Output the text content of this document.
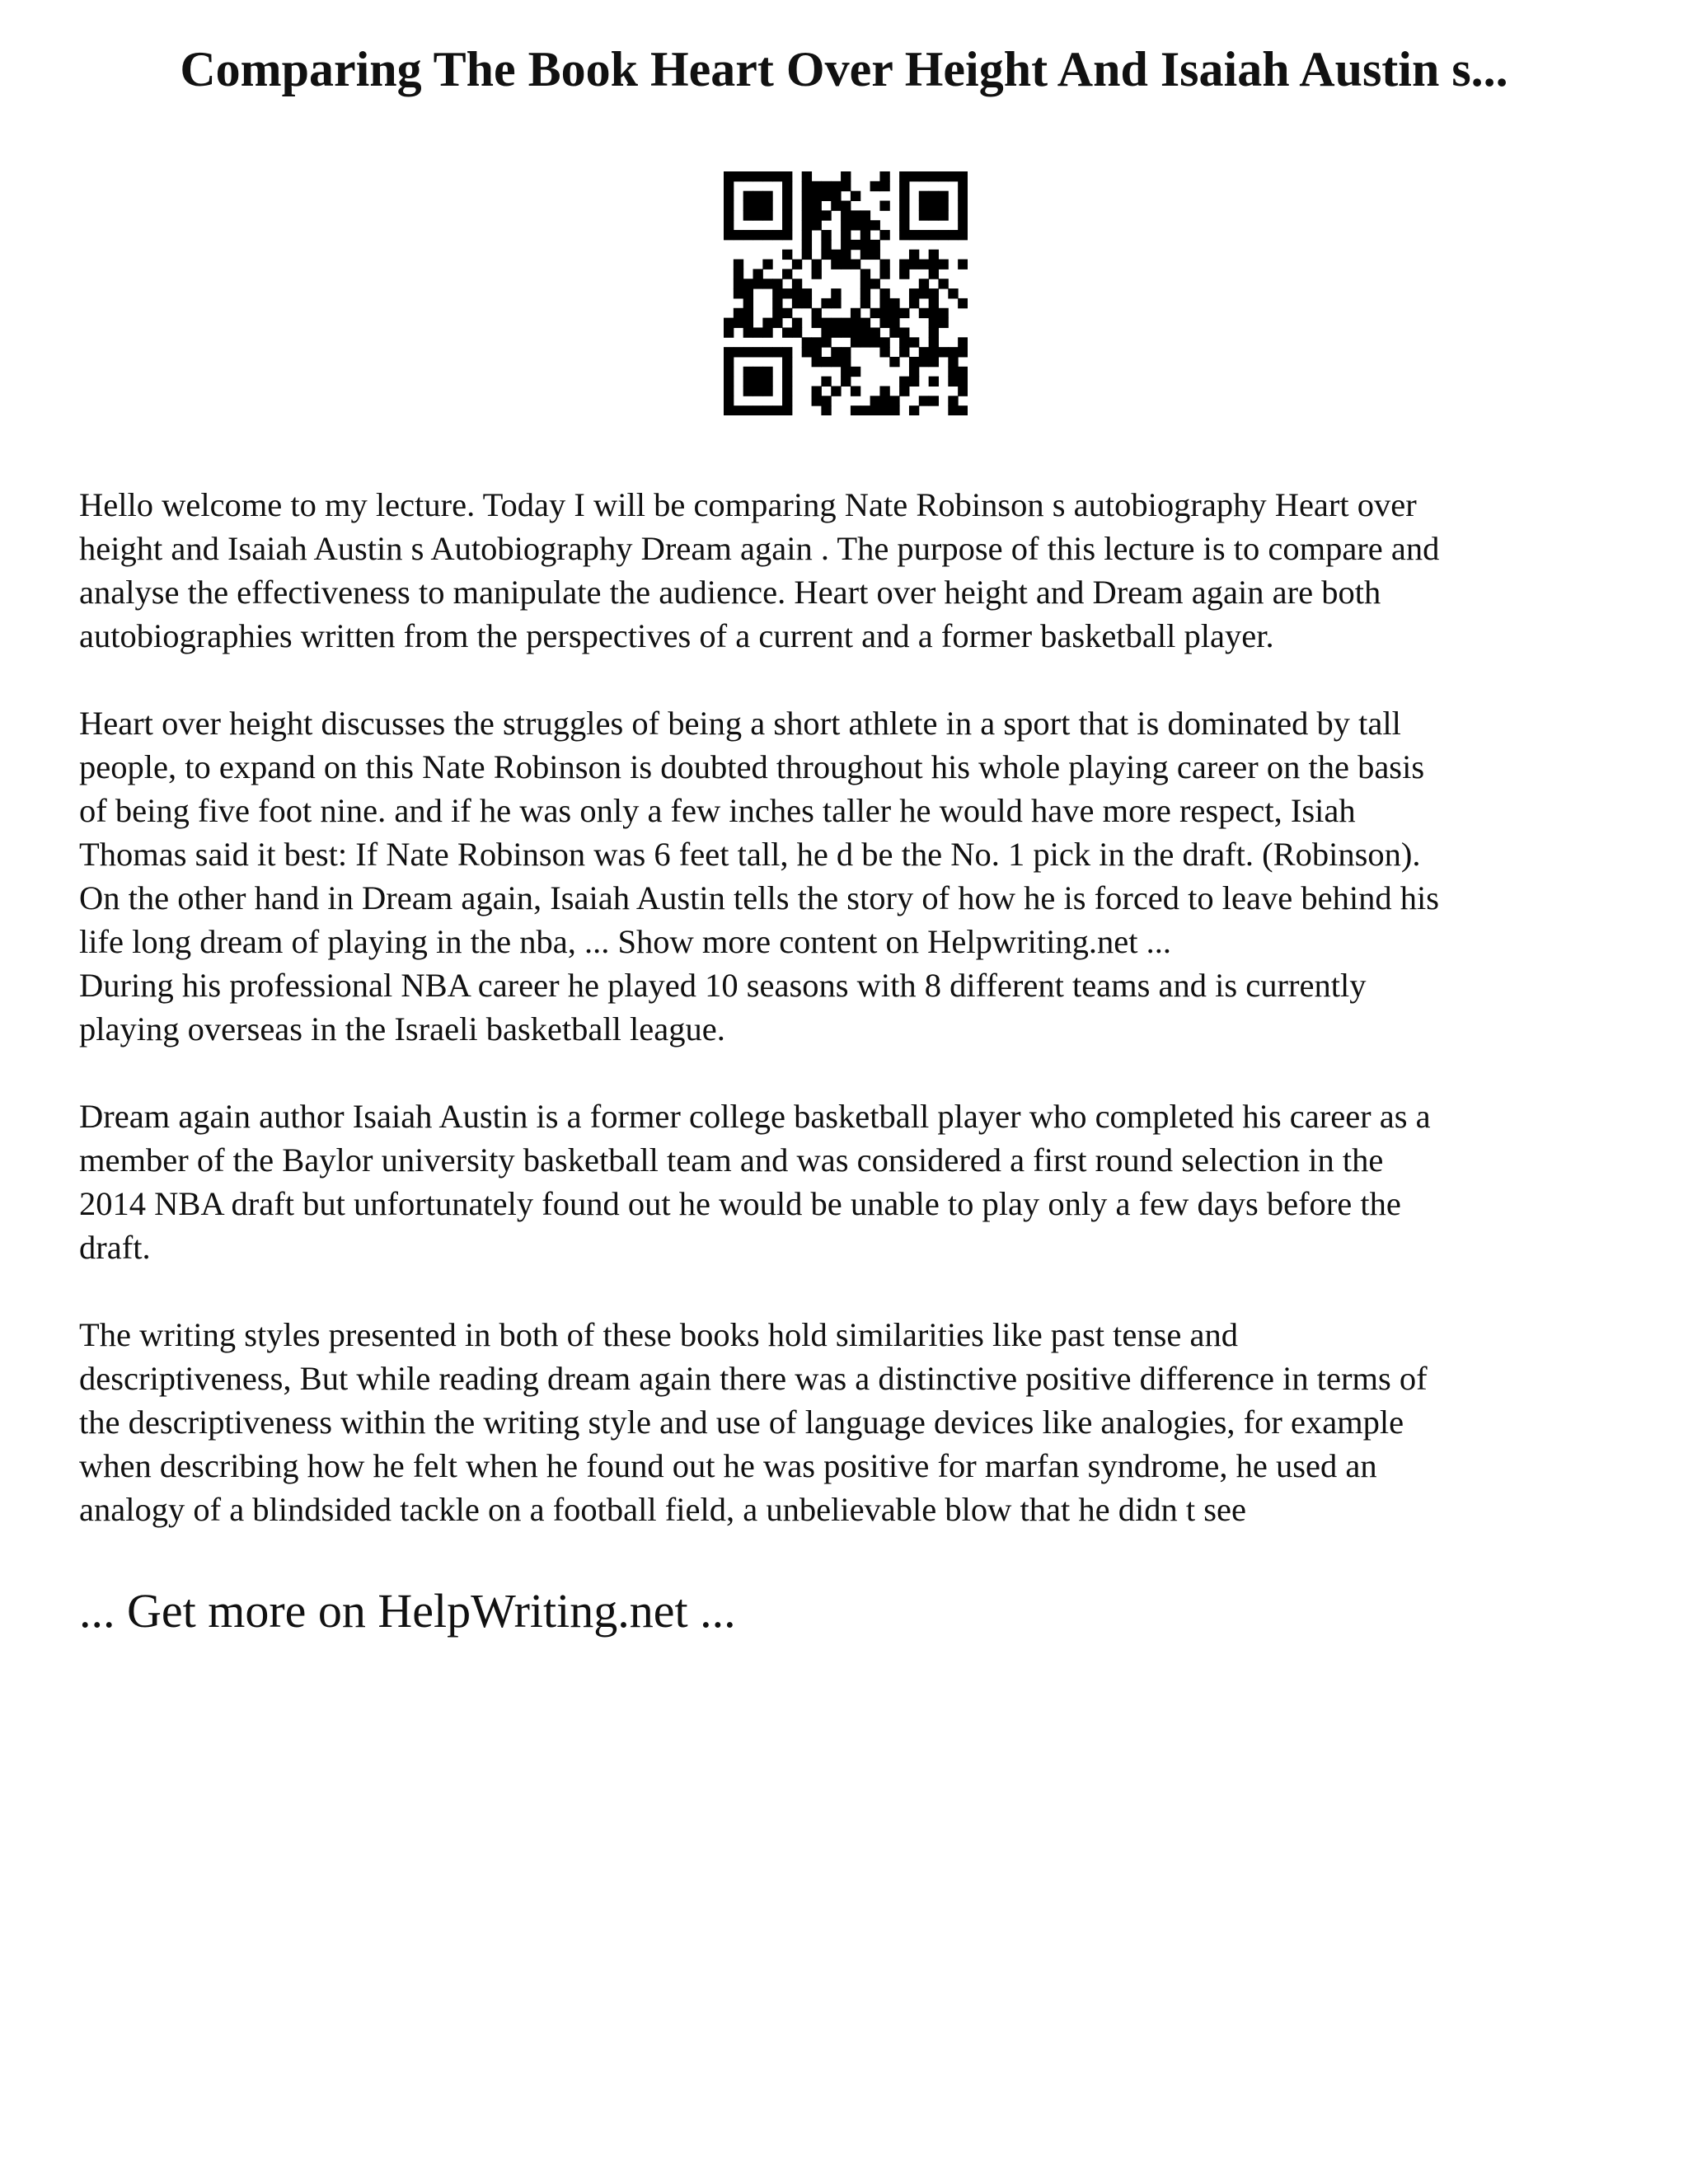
Comparing The Book Heart Over Height And Isaiah Austin s...

Hello welcome to my lecture. Today I will be comparing Nate Robinson s autobiography Heart over
height and Isaiah Austin s Autobiography Dream again . The purpose of this lecture is to compare and
analyse the effectiveness to manipulate the audience. Heart over height and Dream again are both
autobiographies written from the perspectives of a current and a former basketball player.

Heart over height discusses the struggles of being a short athlete in a sport that is dominated by tall
people, to expand on this Nate Robinson is doubted throughout his whole playing career on the basis
of being five foot nine. and if he was only a few inches taller he would have more respect, Isiah
Thomas said it best: If Nate Robinson was 6 feet tall, he d be the No. 1 pick in the draft. (Robinson).
On the other hand in Dream again, Isaiah Austin tells the story of how he is forced to leave behind his
life long dream of playing in the nba, ... Show more content on Helpwriting.net ...

During his professional NBA career he played 10 seasons with 8 different teams and is currently
playing overseas in the Israeli basketball league.

Dream again author Isaiah Austin is a former college basketball player who completed his career as a
member of the Baylor university basketball team and was considered a first round selection in the
2014 NBA draft but unfortunately found out he would be unable to play only a few days before the
draft.

The writing styles presented in both of these books hold similarities like past tense and
descriptiveness, But while reading dream again there was a distinctive positive difference in terms of
the descriptiveness within the writing style and use of language devices like analogies, for example
when describing how he felt when he found out he was positive for marfan syndrome, he used an
analogy of a blindsided tackle on a football field, a unbelievable blow that he didn t see

... Get more on HelpWriting.net ...
